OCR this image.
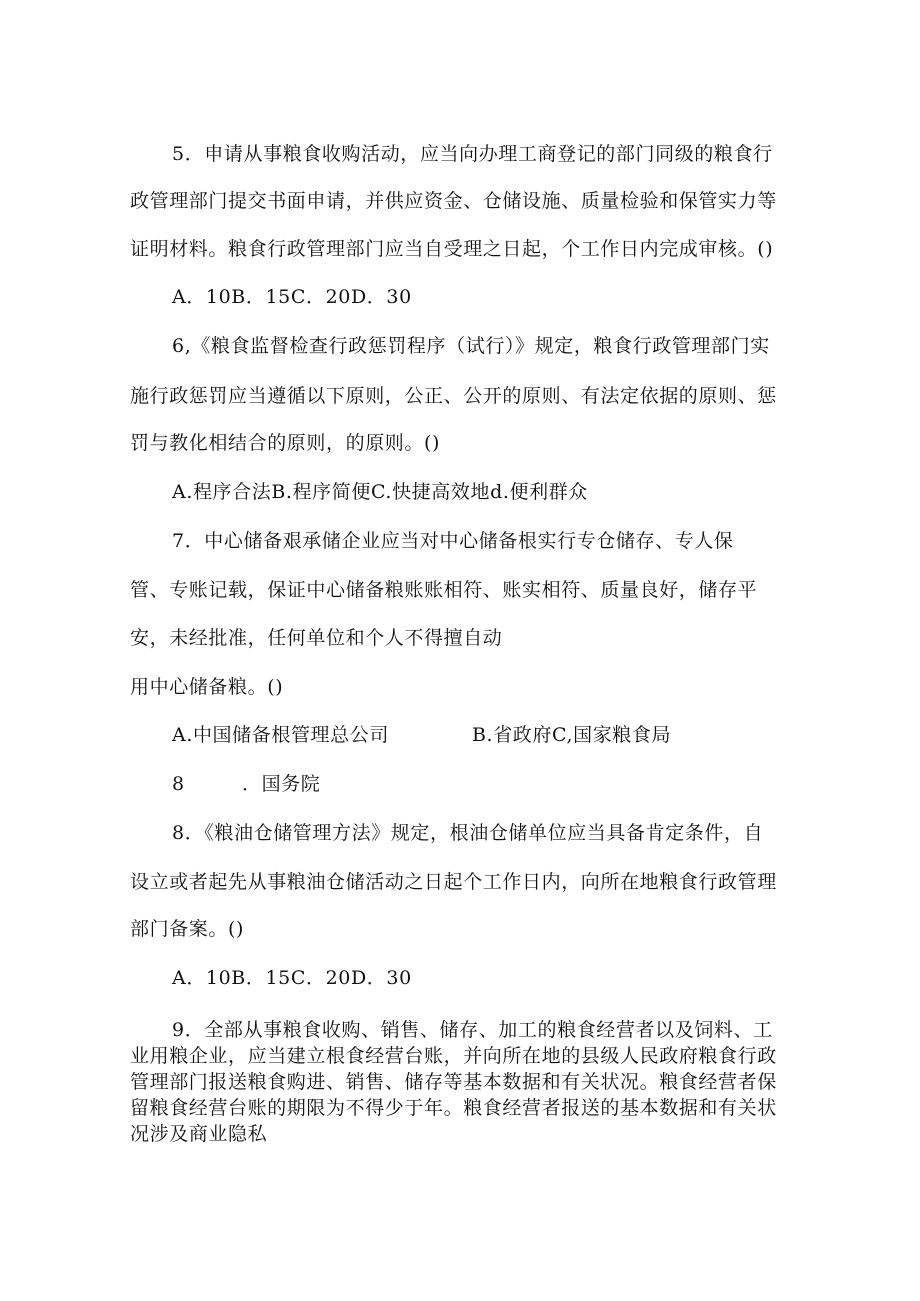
5．申请从事粮食收购活动，应当向办理工商登记的部门同级的粮食行
政管理部门提交书面申请，并供应资金、仓储设施、质量检验和保管实力等
证明材料。粮食行政管理部门应当自受理之日起，个工作日内完成审核。()
A．10B．15C．20D．30
6,《粮食监督检查行政惩罚程序（试行）》规定，粮食行政管理部门实
施行政惩罚应当遵循以下原则，公正、公开的原则、有法定依据的原则、惩
罚与教化相结合的原则，的原则。()
A.程序合法B.程序简便C.快捷高效地d.便利群众
7．中心储备艰承储企业应当对中心储备根实行专仓储存、专人保
管、专账记载，保证中心储备粮账账相符、账实相符、质量良好，储存平
安，未经批准，任何单位和个人不得擅自动
用中心储备粮。()
A.中国储备根管理总公司	B.省政府C,国家粮食局
8	．国务院
8．《粮油仓储管理方法》规定，根油仓储单位应当具备肯定条件，自
设立或者起先从事粮油仓储活动之日起个工作日内，向所在地粮食行政管理
部门备案。()
A．10B．15C．20D．30
9．全部从事粮食收购、销售、储存、加工的粮食经营者以及饲料、工
业用粮企业，应当建立根食经营台账，并向所在地的县级人民政府粮食行政
管理部门报送粮食购进、销售、储存等基本数据和有关状况。粮食经营者保
留粮食经营台账的期限为不得少于年。粮食经营者报送的基本数据和有关状
况涉及商业隐私
